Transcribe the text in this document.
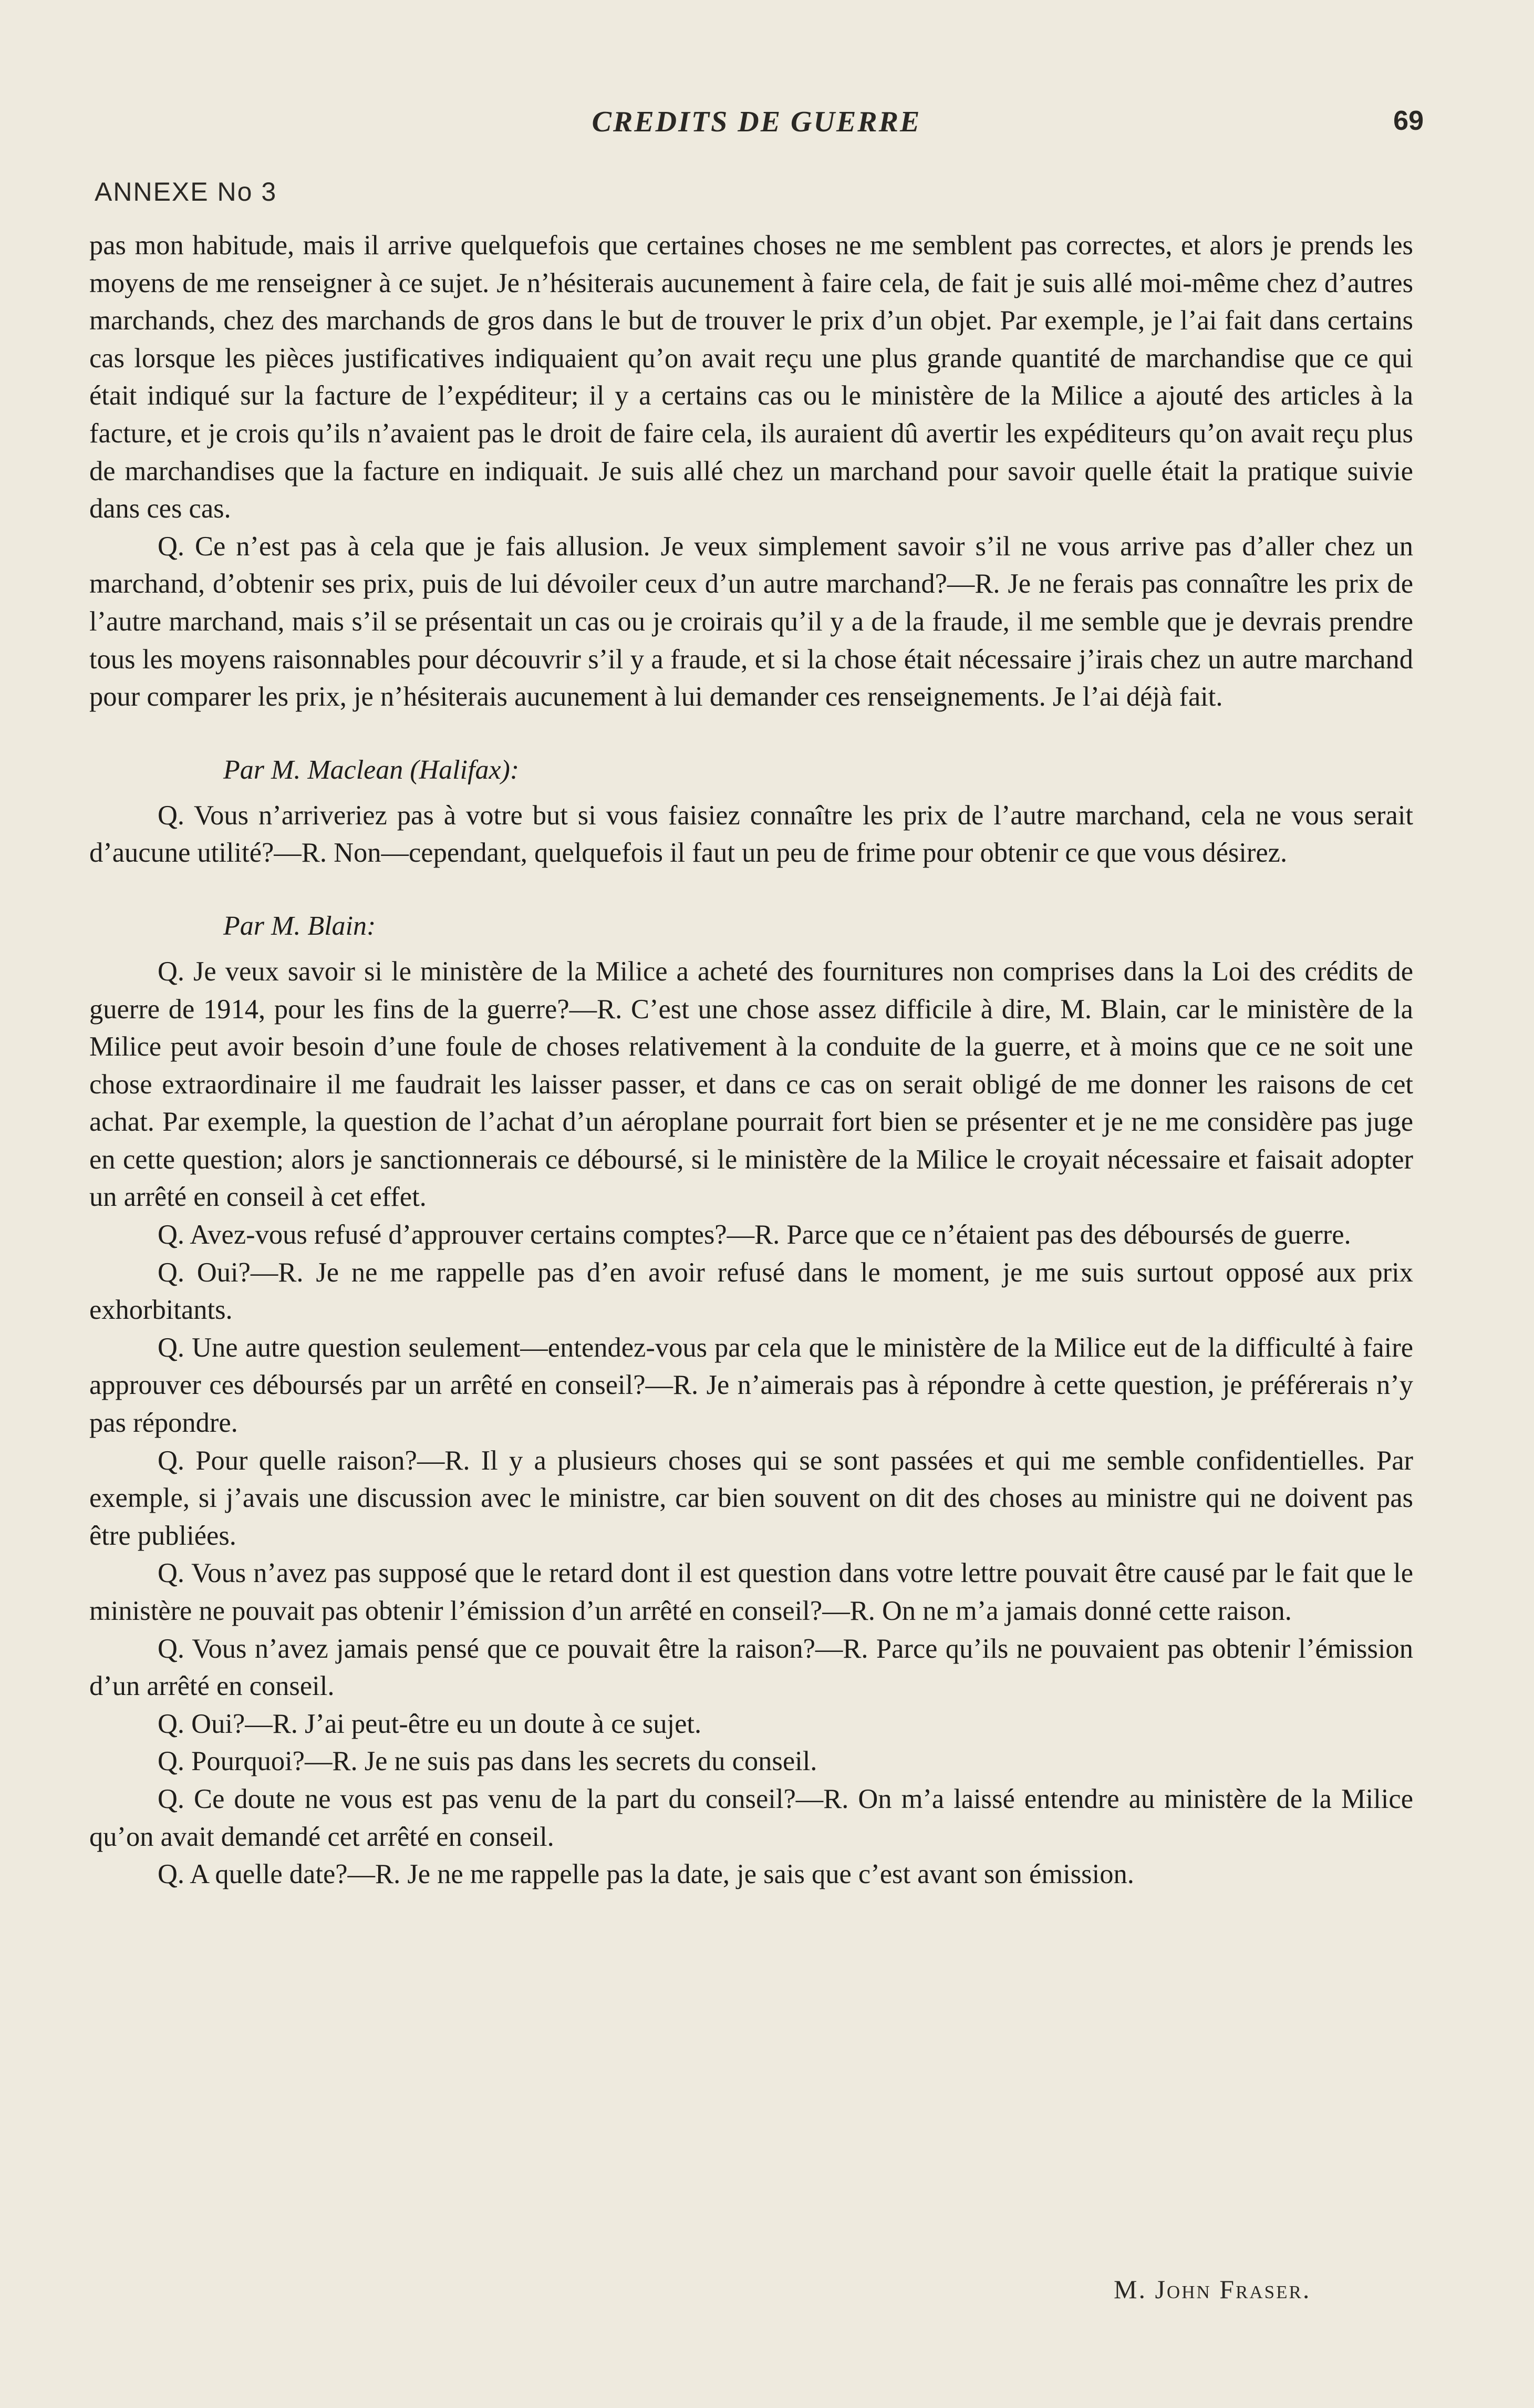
CREDITS DE GUERRE	69
ANNEXE No 3

pas mon habitude, mais il arrive quelquefois que certaines choses ne me semblent pas correctes, et alors je prends les moyens de me renseigner à ce sujet. Je n’hésiterais aucunement à faire cela, de fait je suis allé moi-même chez d’autres marchands, chez des marchands de gros dans le but de trouver le prix d’un objet. Par exemple, je l’ai fait dans certains cas lorsque les pièces justificatives indiquaient qu’on avait reçu une plus grande quantité de marchandise que ce qui était indiqué sur la facture de l’expéditeur; il y a certains cas ou le ministère de la Milice a ajouté des articles à la facture, et je crois qu’ils n’avaient pas le droit de faire cela, ils auraient dû avertir les expéditeurs qu’on avait reçu plus de marchandises que la facture en indiquait. Je suis allé chez un marchand pour savoir quelle était la pratique suivie dans ces cas.

Q. Ce n’est pas à cela que je fais allusion. Je veux simplement savoir s’il ne vous arrive pas d’aller chez un marchand, d’obtenir ses prix, puis de lui dévoiler ceux d’un autre marchand?—R. Je ne ferais pas connaître les prix de l’autre marchand, mais s’il se présentait un cas ou je croirais qu’il y a de la fraude, il me semble que je devrais prendre tous les moyens raisonnables pour découvrir s’il y a fraude, et si la chose était nécessaire j’irais chez un autre marchand pour comparer les prix, je n’hésiterais aucunement à lui demander ces renseignements. Je l’ai déjà fait.

Par M. Maclean (Halifax):

Q. Vous n’arriveriez pas à votre but si vous faisiez connaître les prix de l’autre marchand, cela ne vous serait d’aucune utilité?—R. Non—cependant, quelquefois il faut un peu de frime pour obtenir ce que vous désirez.

Par M. Blain:

Q. Je veux savoir si le ministère de la Milice a acheté des fournitures non comprises dans la Loi des crédits de guerre de 1914, pour les fins de la guerre?—R. C’est une chose assez difficile à dire, M. Blain, car le ministère de la Milice peut avoir besoin d’une foule de choses relativement à la conduite de la guerre, et à moins que ce ne soit une chose extraordinaire il me faudrait les laisser passer, et dans ce cas on serait obligé de me donner les raisons de cet achat. Par exemple, la question de l’achat d’un aéroplane pourrait fort bien se présenter et je ne me considère pas juge en cette question; alors je sanctionnerais ce déboursé, si le ministère de la Milice le croyait nécessaire et faisait adopter un arrêté en conseil à cet effet.

Q. Avez-vous refusé d’approuver certains comptes?—R. Parce que ce n’étaient pas des déboursés de guerre.

Q. Oui?—R. Je ne me rappelle pas d’en avoir refusé dans le moment, je me suis surtout opposé aux prix exhorbitants.

Q. Une autre question seulement—entendez-vous par cela que le ministère de la Milice eut de la difficulté à faire approuver ces déboursés par un arrêté en conseil?—R. Je n’aimerais pas à répondre à cette question, je préférerais n’y pas répondre.

Q. Pour quelle raison?—R. Il y a plusieurs choses qui se sont passées et qui me semble confidentielles. Par exemple, si j’avais une discussion avec le ministre, car bien souvent on dit des choses au ministre qui ne doivent pas être publiées.

Q. Vous n’avez pas supposé que le retard dont il est question dans votre lettre pouvait être causé par le fait que le ministère ne pouvait pas obtenir l’émission d’un arrêté en conseil?—R. On ne m’a jamais donné cette raison.

Q. Vous n’avez jamais pensé que ce pouvait être la raison?—R. Parce qu’ils ne pouvaient pas obtenir l’émission d’un arrêté en conseil.

Q. Oui?—R. J’ai peut-être eu un doute à ce sujet.

Q. Pourquoi?—R. Je ne suis pas dans les secrets du conseil.

Q. Ce doute ne vous est pas venu de la part du conseil?—R. On m’a laissé entendre au ministère de la Milice qu’on avait demandé cet arrêté en conseil.

Q. A quelle date?—R. Je ne me rappelle pas la date, je sais que c’est avant son émission.

M. John Fraser.
